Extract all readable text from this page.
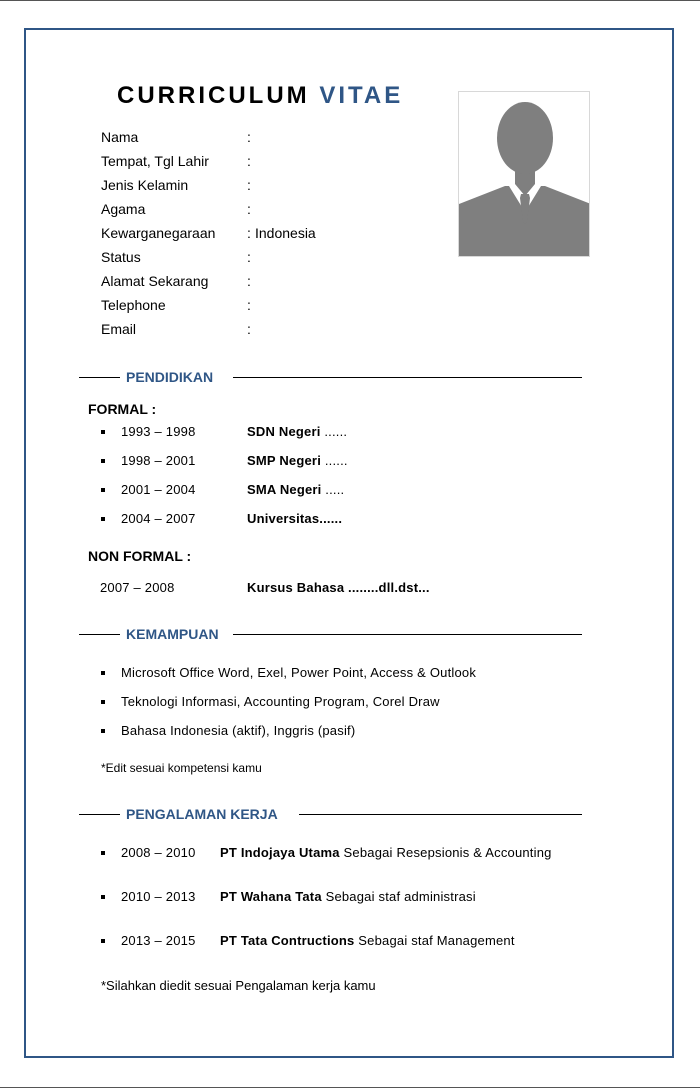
CURRICULUM VITAE
Nama	:
Tempat, Tgl Lahir	:
Jenis Kelamin	:
Agama	:
Kewarganegaraan : Indonesia
Status	:
Alamat Sekarang	:
Telephone	:
Email	:
PENDIDIKAN
FORMAL :
1993 – 1998	SDN Negeri ......
1998 – 2001	SMP Negeri ......
2001 – 2004	SMA Negeri .....
2004 – 2007	Universitas......
NON FORMAL :
2007 – 2008	Kursus Bahasa ........dll.dst...
KEMAMPUAN
Microsoft Office Word, Exel, Power Point, Access & Outlook
Teknologi Informasi, Accounting Program, Corel Draw
Bahasa Indonesia (aktif), Inggris (pasif)
*Edit sesuai kompetensi kamu
PENGALAMAN KERJA
2008 – 2010 PT Indojaya Utama Sebagai Resepsionis & Accounting
2010 – 2013 PT Wahana Tata Sebagai staf administrasi
2013 – 2015 PT Tata Contructions Sebagai staf Management
*Silahkan diedit sesuai Pengalaman kerja kamu
